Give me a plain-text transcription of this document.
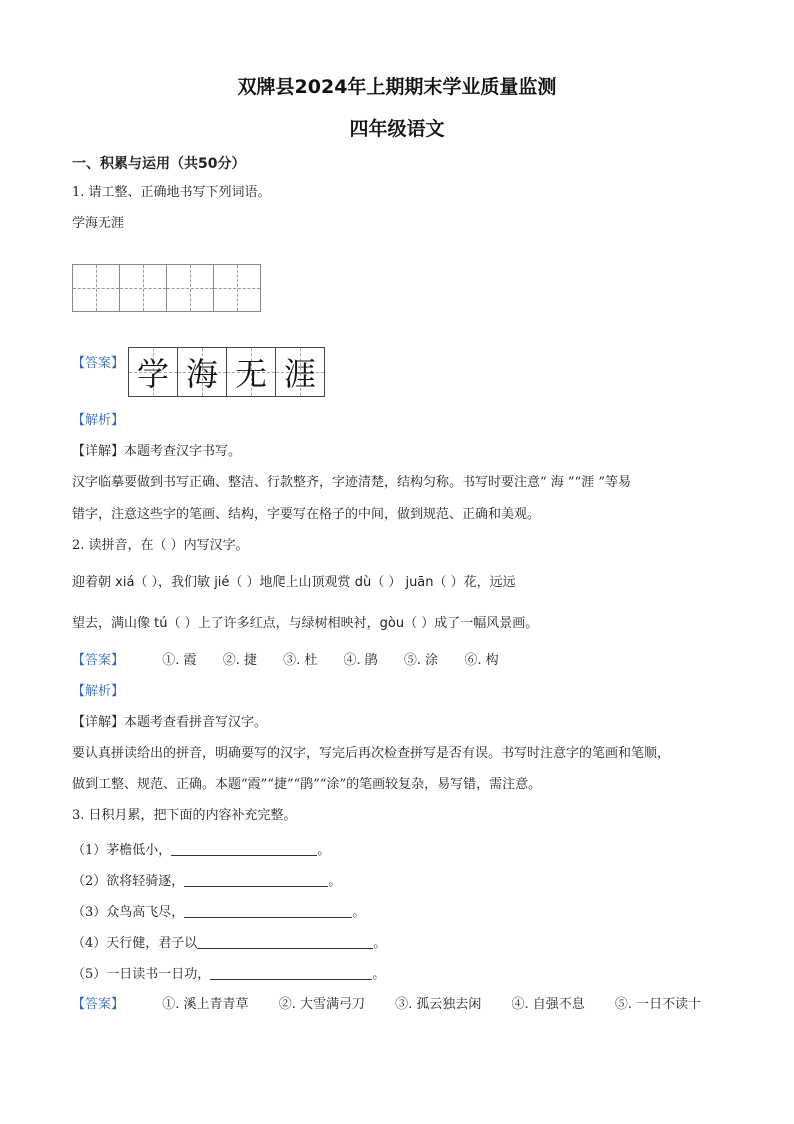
双牌县2024年上期期末学业质量监测
四年级语文
一、积累与运用（共50分）
1. 请工整、正确地书写下列词语。
学海无涯
【答案】 学 海 无 涯
【解析】
【详解】本题考查汉字书写。
汉字临摹要做到书写正确、整洁、行款整齐，字迹清楚，结构匀称。书写时要注意“ 海 ”“涯 ”等易
错字，注意这些字的笔画、结构，字要写在格子的中间，做到规范、正确和美观。
2. 读拼音，在（ ）内写汉字。
迎着朝 xiá（ ），我们敏 jié（ ）地爬上山顶观赏 dù（ ） juān（ ）花，远远
望去，满山像 tú（ ）上了许多红点，与绿树相映衬，gòu（ ）成了一幅风景画。
【答案】	①. 霞 ②. 捷 ③. 杜 ④. 鹃 ⑤. 涂 ⑥. 构
【解析】
【详解】本题考查看拼音写汉字。
要认真拼读给出的拼音，明确要写的汉字，写完后再次检查拼写是否有误。书写时注意字的笔画和笔顺，
做到工整、规范、正确。本题“霞”“捷”“鹃”“涂”的笔画较复杂，易写错，需注意。
3. 日积月累，把下面的内容补充完整。
（1）茅檐低小，	。
（2）欲将轻骑逐，	。
（3）众鸟高飞尽，	。
（4）天行健，君子以	。
（5）一日读书一日功，	。
【答案】	①. 溪上青青草 ②. 大雪满弓刀 ③. 孤云独去闲 ④. 自强不息 ⑤. 一日不读十
